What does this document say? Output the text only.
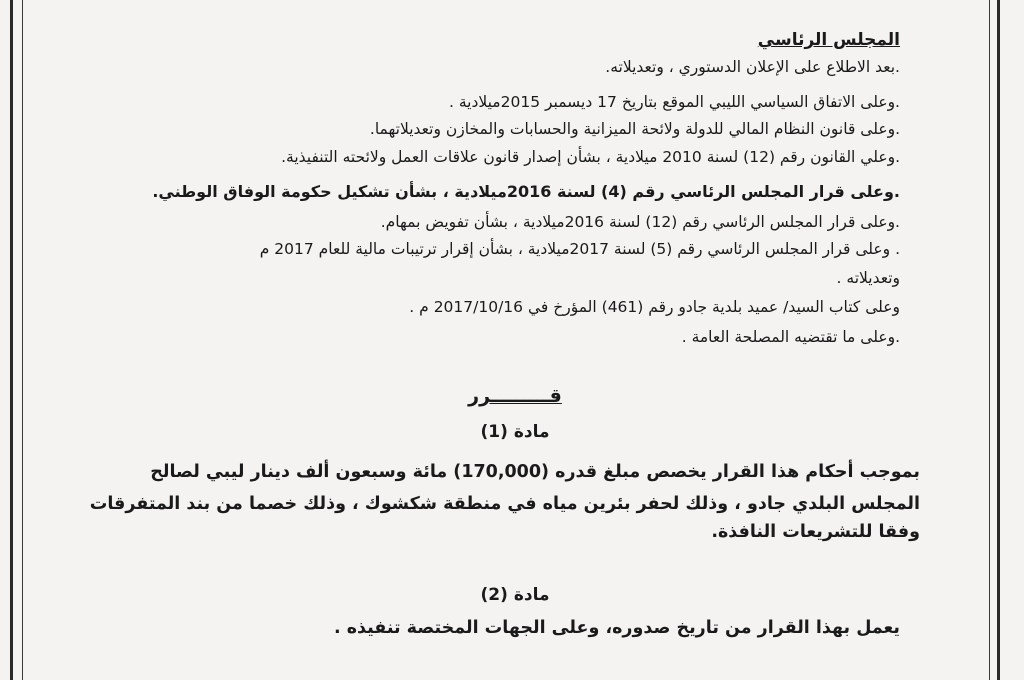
المجلس الرئاسي
.بعد الاطلاع على الإعلان الدستوري ، وتعديلاته.
.وعلى الاتفاق السياسي الليبي الموقع بتاريخ 17 ديسمبر 2015ميلادية .
.وعلى قانون النظام المالي للدولة ولائحة الميزانية والحسابات والمخازن وتعديلاتهما.
.وعلي القانون رقم (12) لسنة 2010 ميلادية ، بشأن إصدار قانون علاقات العمل ولائحته التنفيذية.
.وعلى قرار المجلس الرئاسي رقم (4) لسنة 2016ميلادية ، بشأن تشكيل حكومة الوفاق الوطني.
.وعلى قرار المجلس الرئاسي رقم (12) لسنة 2016ميلادية ، بشأن تفويض بمهام.
. وعلى قرار المجلس الرئاسي رقم (5) لسنة 2017ميلادية ، بشأن إقرار ترتيبات مالية للعام 2017 م
وتعديلاته .
وعلى كتاب السيد/ عميد بلدية جادو رقم (461) المؤرخ في 2017/10/16 م .
.وعلى ما تقتضيه المصلحة العامة .
قـــــــــرر
مادة (1)
بموجب أحكام هذا القرار يخصص مبلغ قدره (170,000) مائة وسبعون ألف دينار ليبي لصالح
المجلس البلدي جادو ، وذلك لحفر بئرين مياه في منطقة شكشوك ، وذلك خصما من بند المتفرقات
وفقا للتشريعات النافذة.
مادة (2)
يعمل بهذا القرار من تاريخ صدوره، وعلى الجهات المختصة تنفيذه .
